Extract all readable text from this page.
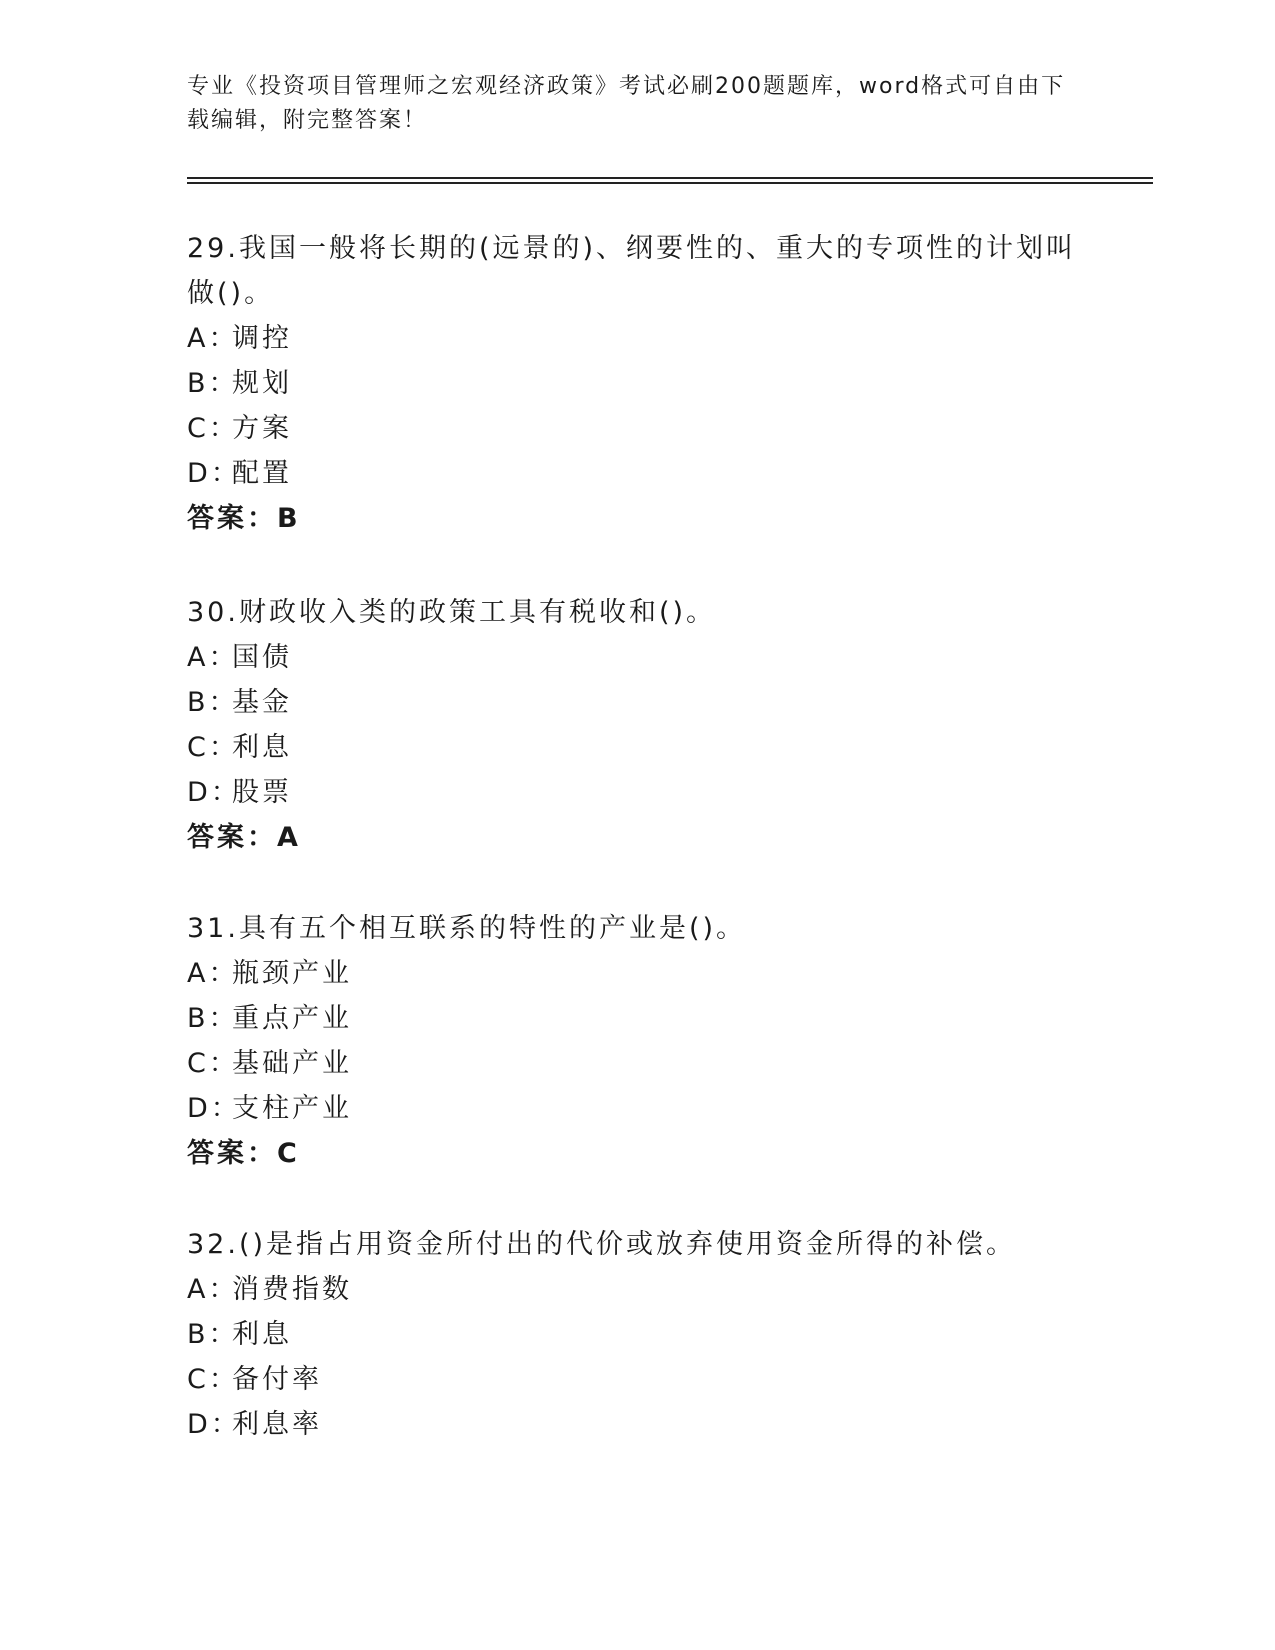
专业《投资项目管理师之宏观经济政策》考试必刷200题题库，word格式可自由下载编辑，附完整答案！
29.我国一般将长期的(远景的)、纲要性的、重大的专项性的计划叫做()。
A：调控
B：规划
C：方案
D：配置
答案：B
30.财政收入类的政策工具有税收和()。
A：国债
B：基金
C：利息
D：股票
答案：A
31.具有五个相互联系的特性的产业是()。
A：瓶颈产业
B：重点产业
C：基础产业
D：支柱产业
答案：C
32.()是指占用资金所付出的代价或放弃使用资金所得的补偿。
A：消费指数
B：利息
C：备付率
D：利息率
